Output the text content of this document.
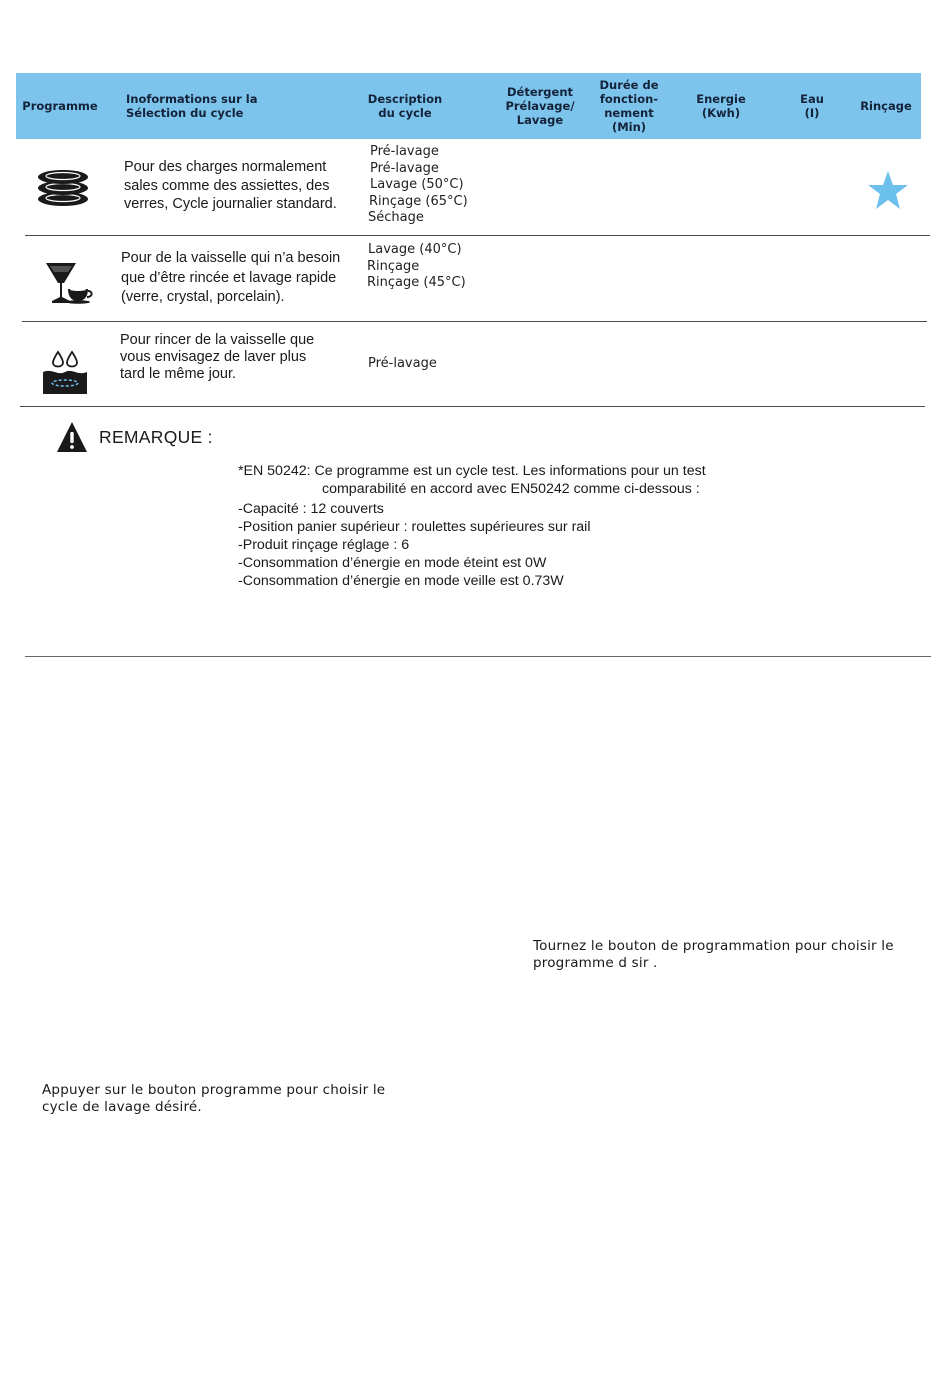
Programme	Inoformations sur la
Sélection du cycle
Description
du cycle
Détergent
Prélavage/
Lavage
Durée de
fonction-
nement
(Min)
Energie
(Kwh)
Eau
(I)	Rinçage
Pour des charges normalement
sales comme des assiettes, des
verres, Cycle journalier standard.
Pré-lavage
Pré-lavage
Lavage (50°C)
Rinçage (65°C)
Séchage
Pour de la vaisselle qui n’a besoin
que d’être rincée et lavage rapide
(verre, crystal, porcelain).
Lavage (40°C)
Rinçage
Rinçage (45°C)
Pour rincer de la vaisselle que
vous envisagez de laver plus
tard le même jour.
Pré-lavage
REMARQUE :
*EN 50242: Ce programme est un cycle test. Les informations pour un test
comparabilité en accord avec EN50242 comme ci-dessous :
-Capacité : 12 couverts
-Position panier supérieur : roulettes supérieures sur rail
-Produit rinçage réglage : 6
-Consommation d’énergie en mode éteint est 0W
-Consommation d’énergie en mode veille est 0.73W
Tournez le bouton de programmation pour choisir le
programme d sir .
Appuyer sur le bouton programme pour choisir le
cycle de lavage désiré.
